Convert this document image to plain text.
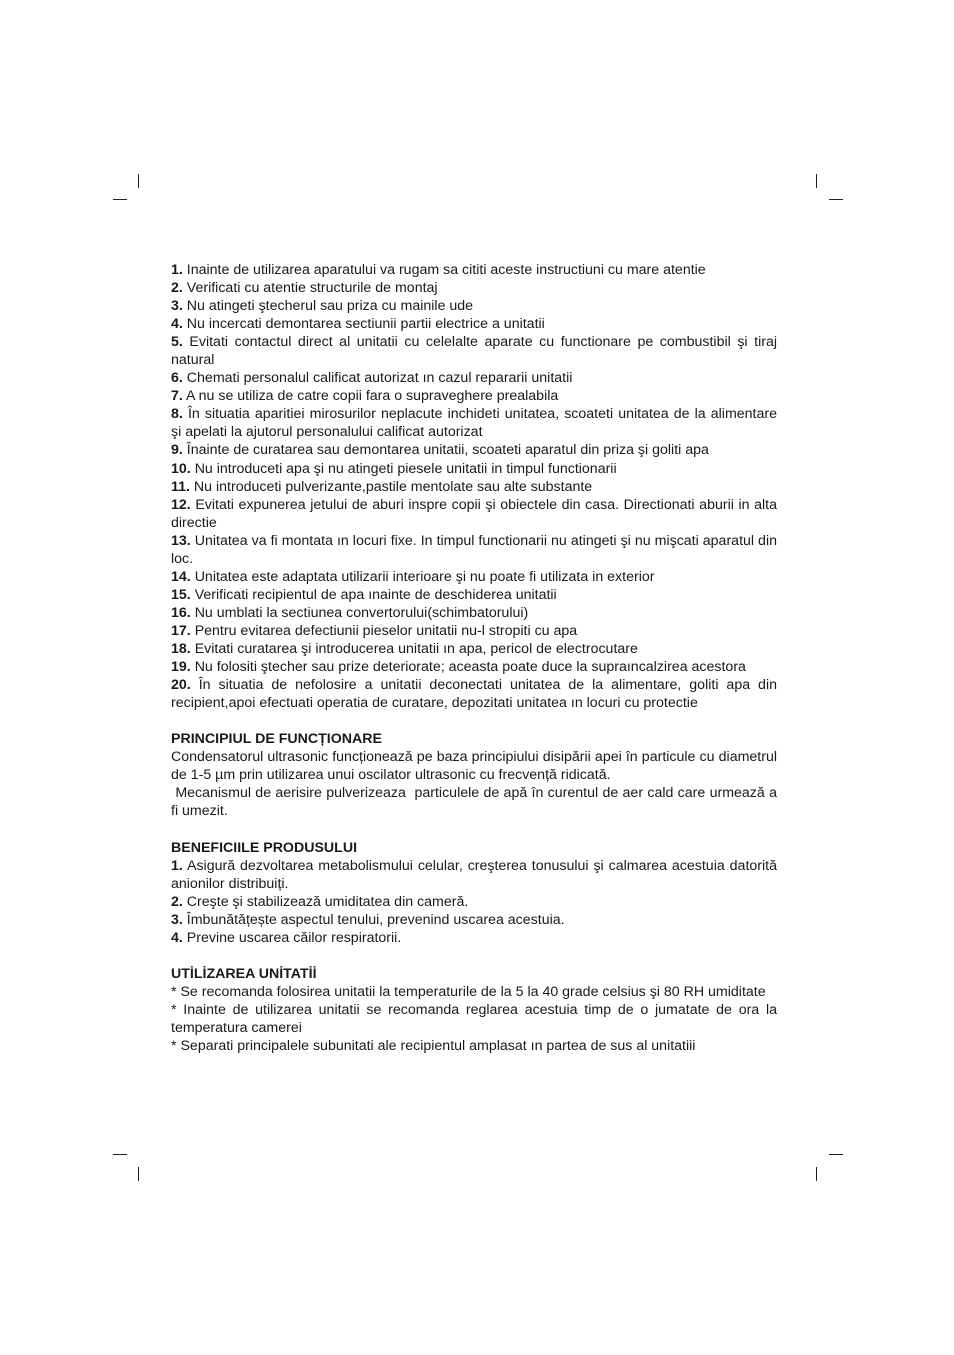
1. Inainte de utilizarea aparatului va rugam sa cititi aceste instructiuni cu mare atentie

2. Verificati cu atentie structurile de montaj

3. Nu atingeti ştecherul sau priza cu mainile ude

4. Nu incercati demontarea sectiunii partii electrice a unitatii

5. Evitati contactul direct al unitatii cu celelalte aparate cu functionare pe combustibil şi tiraj natural

6. Chemati personalul calificat autorizat ın cazul repararii unitatii

7. A nu se utiliza de catre copii fara o supraveghere prealabila

8. În situatia aparitiei mirosurilor neplacute inchideti unitatea, scoateti unitatea de la alimentare şi apelati la ajutorul personalului calificat autorizat

9. Înainte de curatarea sau demontarea unitatii, scoateti aparatul din priza şi goliti apa

10. Nu introduceti apa şi nu atingeti piesele unitatii in timpul functionarii

11. Nu introduceti pulverizante,pastile mentolate sau alte substante

12. Evitati expunerea jetului de aburi inspre copii şi obiectele din casa. Directionati aburii in alta directie

13. Unitatea va fi montata ın locuri fixe. In timpul functionarii nu atingeti şi nu mişcati aparatul din loc.

14. Unitatea este adaptata utilizarii interioare şi nu poate fi utilizata in exterior

15. Verificati recipientul de apa ınainte de deschiderea unitatii

16. Nu umblati la sectiunea convertorului(schimbatorului)

17. Pentru evitarea defectiunii pieselor unitatii nu-l stropiti cu apa

18. Evitati curatarea şi introducerea unitatii ın apa, pericol de electrocutare

19. Nu folositi ştecher sau prize deteriorate; aceasta poate duce la supraıncalzirea acestora

20. În situatia de nefolosire a unitatii deconectati unitatea de la alimentare, goliti apa din recipient,apoi efectuati operatia de curatare, depozitati unitatea ın locuri cu protectie

PRINCIPIUL DE FUNCȚIONARE

Condensatorul ultrasonic funcționează pe baza principiului disipării apei în particule cu diametrul de 1-5 µm prin utilizarea unui oscilator ultrasonic cu frecvență ridicată.

Mecanismul de aerisire pulverizeaza  particulele de apă în curentul de aer cald care urmează a fi umezit.

BENEFICIILE PRODUSULUI

1. Asigură dezvoltarea metabolismului celular, creşterea tonusului şi calmarea acestuia datorită anionilor distribuiți.

2. Creşte şi stabilizează umiditatea din cameră.

3. Îmbunătățește aspectul tenului, prevenind uscarea acestuia.

4. Previne uscarea căilor respiratorii.

UTİLİZAREA UNİTATİİ

* Se recomanda folosirea unitatii la temperaturile de la 5 la 40 grade celsius şi 80 RH umiditate

* Inainte de utilizarea unitatii se recomanda reglarea acestuia timp de o jumatate de ora la temperatura camerei

* Separati principalele subunitati ale recipientul amplasat ın partea de sus al unitatiii
